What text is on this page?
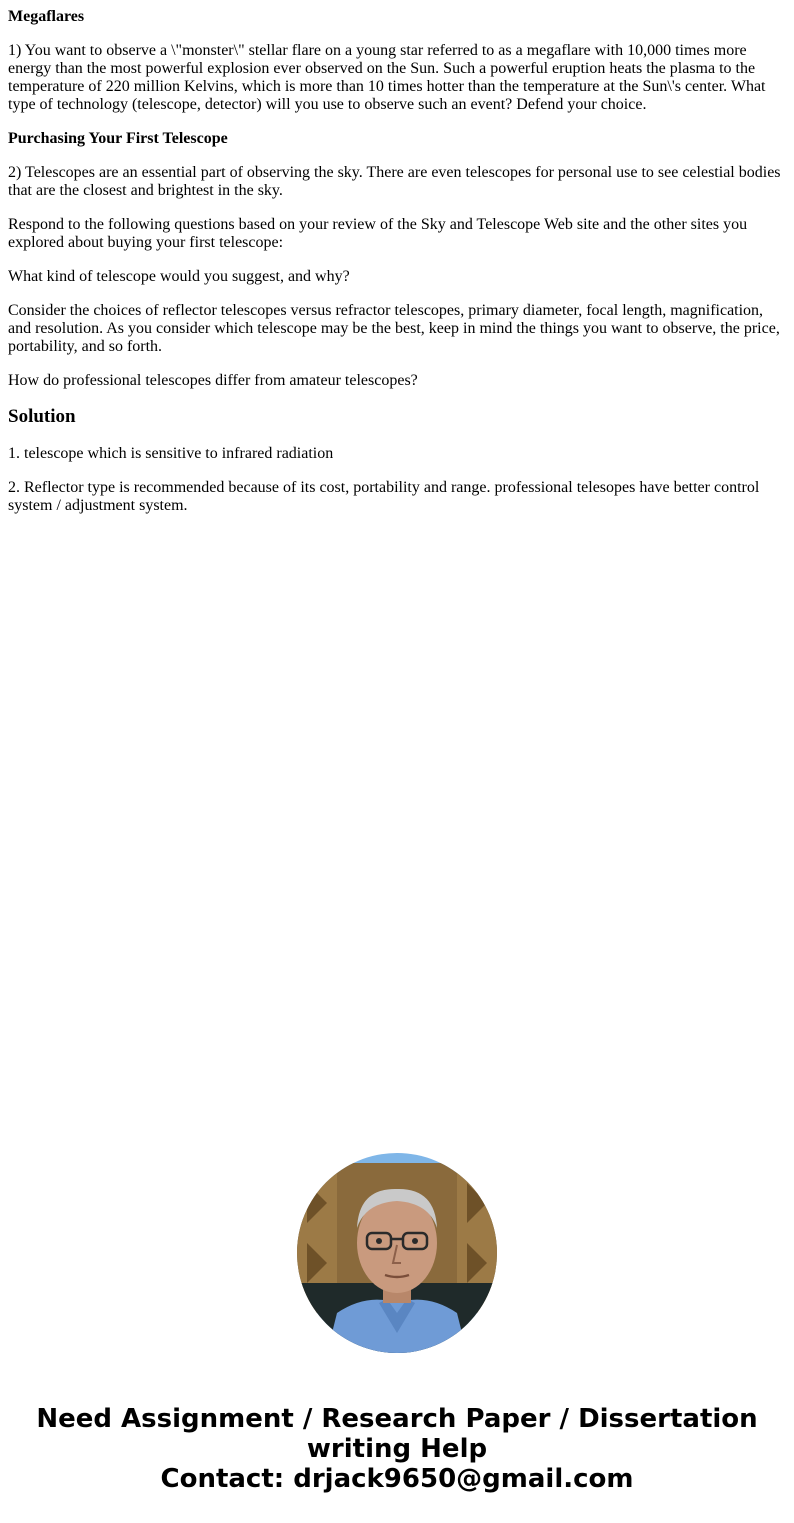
Megaflares

1) You want to observe a \"monster\" stellar flare on a young star referred to as a megaflare with 10,000 times more energy than the most powerful explosion ever observed on the Sun. Such a powerful eruption heats the plasma to the temperature of 220 million Kelvins, which is more than 10 times hotter than the temperature at the Sun\'s center. What type of technology (telescope, detector) will you use to observe such an event? Defend your choice.

Purchasing Your First Telescope

2) Telescopes are an essential part of observing the sky. There are even telescopes for personal use to see celestial bodies that are the closest and brightest in the sky.

Respond to the following questions based on your review of the Sky and Telescope Web site and the other sites you explored about buying your first telescope:

What kind of telescope would you suggest, and why?

Consider the choices of reflector telescopes versus refractor telescopes, primary diameter, focal length, magnification, and resolution. As you consider which telescope may be the best, keep in mind the things you want to observe, the price, portability, and so forth.

How do professional telescopes differ from amateur telescopes?

Solution

1. telescope which is sensitive to infrared radiation

2. Reflector type is recommended because of its cost, portability and range. professional telesopes have better control system / adjustment system.

Need Assignment / Research Paper / Dissertation
writing Help
Contact: drjack9650@gmail.com
